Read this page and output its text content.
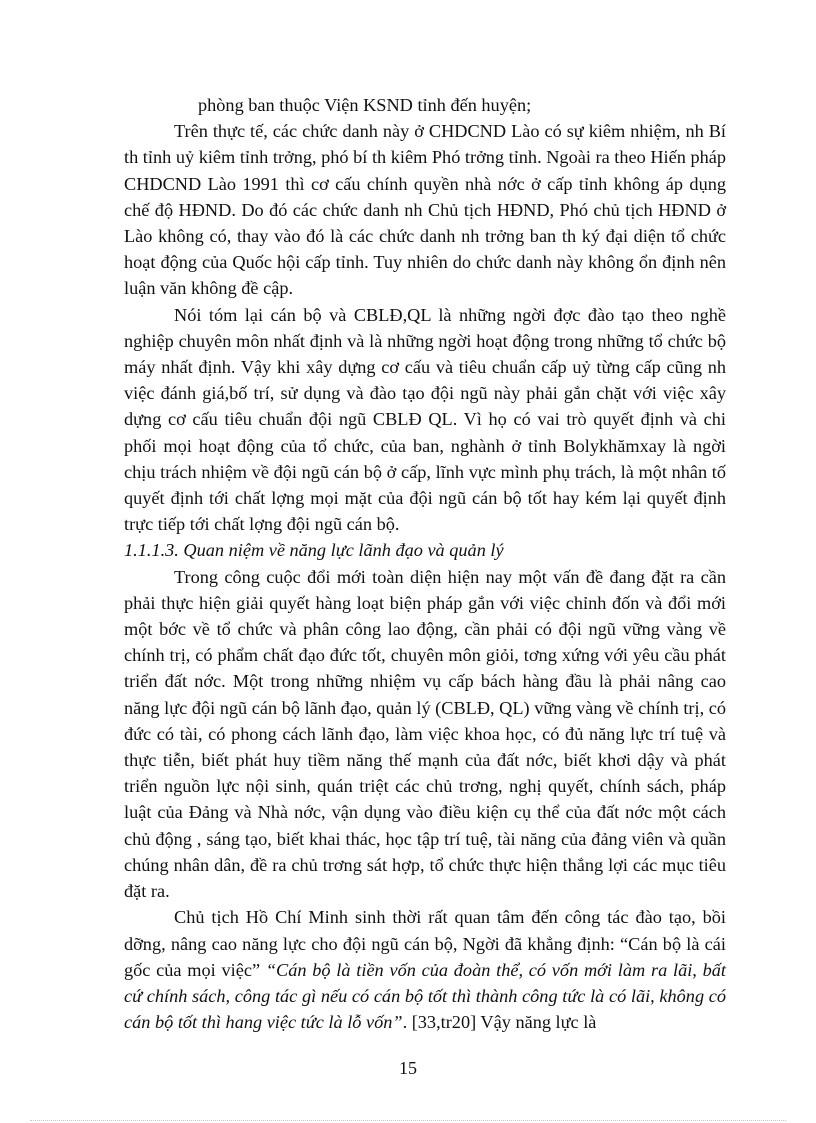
phòng ban thuộc Viện KSND tỉnh đến huyện;

Trên thực tế, các chức danh này ở CHDCND Lào có sự kiêm nhiệm, nh Bí th tỉnh uỷ kiêm tỉnh trởng, phó bí th kiêm Phó trởng tỉnh. Ngoài ra theo Hiến pháp CHDCND Lào 1991 thì cơ cấu chính quyền nhà nớc ở cấp tỉnh không áp dụng chế độ HĐND. Do đó các chức danh nh Chủ tịch HĐND, Phó chủ tịch HĐND ở Lào không có, thay vào đó là các chức danh nh trởng ban th ký đại diện tổ chức hoạt động của Quốc hội cấp tỉnh. Tuy nhiên do chức danh này không ổn định nên luận văn không đề cập.

Nói tóm lại cán bộ và CBLĐ,QL là những ngời đợc đào tạo theo nghề nghiệp chuyên môn nhất định và là những ngời hoạt động trong những tổ chức bộ máy nhất định. Vậy khi xây dựng cơ cấu và tiêu chuẩn cấp uỷ từng cấp cũng nh việc đánh giá,bố trí, sử dụng và đào tạo đội ngũ này phải gắn chặt với việc xây dựng cơ cấu tiêu chuẩn đội ngũ CBLĐ QL. Vì họ có vai trò quyết định và chi phối mọi hoạt động của tổ chức, của ban, nghành ở tỉnh Bolykhămxay là ngời chịu trách nhiệm về đội ngũ cán bộ ở cấp, lĩnh vực mình phụ trách, là một nhân tố quyết định tới chất lợng mọi mặt của đội ngũ cán bộ tốt hay kém lại quyết định trực tiếp tới chất lợng đội ngũ cán bộ.

1.1.1.3. Quan niệm về năng lực lãnh đạo và quản lý

Trong công cuộc đổi mới toàn diện hiện nay một vấn đề đang đặt ra cần phải thực hiện giải quyết hàng loạt biện pháp gắn với việc chỉnh đốn và đổi mới một bớc về tổ chức và phân công lao động, cần phải có đội ngũ vững vàng về chính trị, có phẩm chất đạo đức tốt, chuyên môn giỏi, tơng xứng với yêu cầu phát triển đất nớc. Một trong những nhiệm vụ cấp bách hàng đầu là phải nâng cao năng lực đội ngũ cán bộ lãnh đạo, quản lý (CBLĐ, QL) vững vàng về chính trị, có đức có tài, có phong cách lãnh đạo, làm việc khoa học, có đủ năng lực trí tuệ và thực tiễn, biết phát huy tiềm năng thế mạnh của đất nớc, biết khơi dậy và phát triển nguồn lực nội sinh, quán triệt các chủ trơng, nghị quyết, chính sách, pháp luật của Đảng và Nhà nớc, vận dụng vào điều kiện cụ thể của đất nớc một cách chủ động , sáng tạo, biết khai thác, học tập trí tuệ, tài năng của đảng viên và quần chúng nhân dân, đề ra chủ trơng sát hợp, tổ chức thực hiện thắng lợi các mục tiêu đặt ra.

Chủ tịch Hồ Chí Minh sinh thời rất quan tâm đến công tác đào tạo, bồi dỡng, nâng cao năng lực cho đội ngũ cán bộ, Ngời đã khẳng định: “Cán bộ là cái gốc của mọi việc” “Cán bộ là tiền vốn của đoàn thể, có vốn mới làm ra lãi, bất cứ chính sách, công tác gì nếu có cán bộ tốt thì thành công tức là có lãi, không có cán bộ tốt thì hang việc tức là lỗ vốn”. [33,tr20] Vậy năng lực là

15
